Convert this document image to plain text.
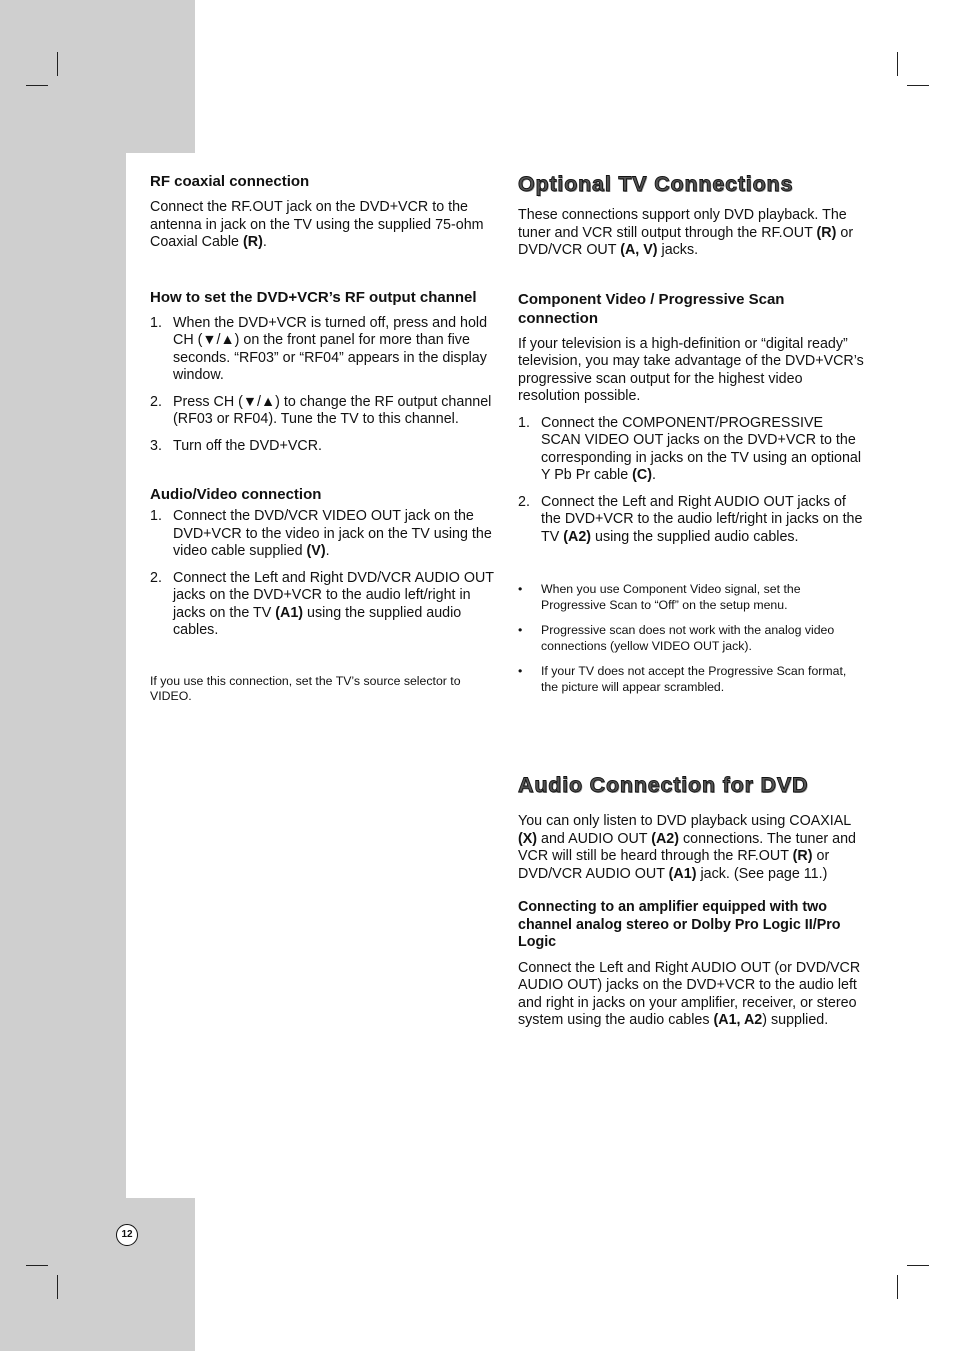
RF coaxial connection

Connect the RF.OUT jack on the DVD+VCR to the antenna in jack on the TV using the supplied 75-ohm Coaxial Cable (R).

How to set the DVD+VCR’s RF output channel
1. When the DVD+VCR is turned off, press and hold CH (▼/▲) on the front panel for more than five seconds. “RF03” or “RF04” appears in the display window.
2. Press CH (▼/▲) to change the RF output channel (RF03 or RF04). Tune the TV to this channel.
3. Turn off the DVD+VCR.
Audio/Video connection
1. Connect the DVD/VCR VIDEO OUT jack on the DVD+VCR to the video in jack on the TV using the video cable supplied (V).
2. Connect the Left and Right DVD/VCR AUDIO OUT jacks on the DVD+VCR to the audio left/right in jacks on the TV (A1) using the supplied audio cables.

If you use this connection, set the TV’s source selector to VIDEO.

Optional TV Connections

These connections support only DVD playback. The tuner and VCR still output through the RF.OUT (R) or DVD/VCR OUT (A, V) jacks.

Component Video / Progressive Scan connection

If your television is a high-definition or “digital ready” television, you may take advantage of the DVD+VCR’s progressive scan output for the highest video resolution possible.

1. Connect the COMPONENT/PROGRESSIVE SCAN VIDEO OUT jacks on the DVD+VCR to the corresponding in jacks on the TV using an optional Y Pb Pr cable (C).
2. Connect the Left and Right AUDIO OUT jacks of the DVD+VCR to the audio left/right in jacks on the TV (A2) using the supplied audio cables.
• When you use Component Video signal, set the Progressive Scan to “Off” on the setup menu.
• Progressive scan does not work with the analog video connections (yellow VIDEO OUT jack).
• If your TV does not accept the Progressive Scan format, the picture will appear scrambled.
Audio Connection for DVD

You can only listen to DVD playback using COAXIAL (X) and AUDIO OUT (A2) connections. The tuner and VCR will still be heard through the RF.OUT (R) or DVD/VCR AUDIO OUT (A1) jack. (See page 11.)

Connecting to an amplifier equipped with two channel analog stereo or Dolby Pro Logic II/Pro Logic

Connect the Left and Right AUDIO OUT (or DVD/VCR AUDIO OUT) jacks on the DVD+VCR to the audio left and right in jacks on your amplifier, receiver, or stereo system using the audio cables (A1, A2) supplied.

12
